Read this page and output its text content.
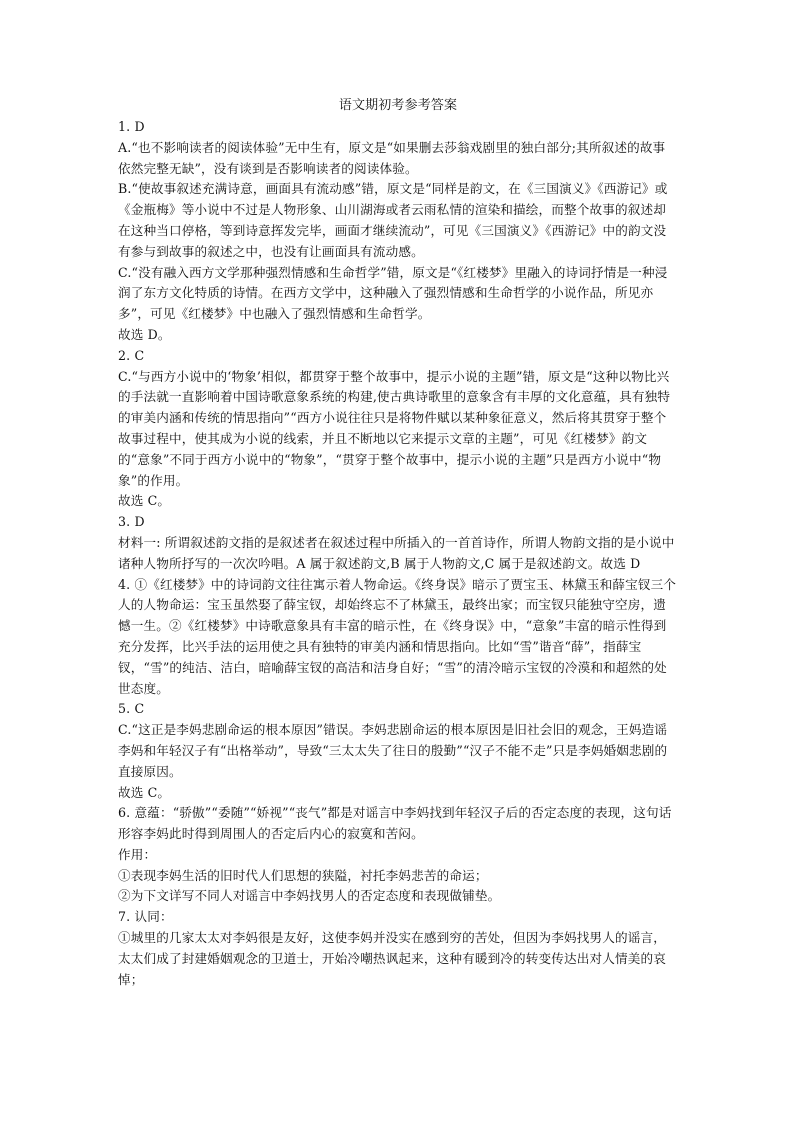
语文期初考参考答案

1. D

A.“也不影响读者的阅读体验”无中生有，原文是“如果删去莎翁戏剧里的独白部分;其所叙述的故事依然完整无缺”，没有谈到是否影响读者的阅读体验。

B.“使故事叙述充满诗意，画面具有流动感”错，原文是“同样是韵文，在《三国演义》《西游记》或《金瓶梅》等小说中不过是人物形象、山川湖海或者云雨私情的渲染和描绘，而整个故事的叙述却在这种当口停格，等到诗意挥发完毕，画面才继续流动”，可见《三国演义》《西游记》中的韵文没有参与到故事的叙述之中，也没有让画面具有流动感。

C.“没有融入西方文学那种强烈情感和生命哲学”错，原文是“《红楼梦》里融入的诗词抒情是一种浸润了东方文化特质的诗情。在西方文学中，这种融入了强烈情感和生命哲学的小说作品，所见亦多”，可见《红楼梦》中也融入了强烈情感和生命哲学。

故选 D。

2. C

C.“与西方小说中的‘物象’相似，都贯穿于整个故事中，提示小说的主题”错，原文是“这种以物比兴的手法就一直影响着中国诗歌意象系统的构建,使古典诗歌里的意象含有丰厚的文化意蕴，具有独特的审美内涵和传统的情思指向”“西方小说往往只是将物件赋以某种象征意义，然后将其贯穿于整个故事过程中，使其成为小说的线索，并且不断地以它来提示文章的主题”，可见《红楼梦》韵文的“意象”不同于西方小说中的“物象”，“贯穿于整个故事中，提示小说的主题”只是西方小说中“物象”的作用。

故选 C。

3. D

材料一: 所谓叙述韵文指的是叙述者在叙述过程中所插入的一首首诗作，所谓人物韵文指的是小说中诸种人物所抒写的一次次吟唱。A 属于叙述韵文,B 属于人物韵文,C 属于是叙述韵文。故选 D

4. ①《红楼梦》中的诗词韵文往往寓示着人物命运。《终身误》暗示了贾宝玉、林黛玉和薛宝钗三个人的人物命运：宝玉虽然娶了薛宝钗，却始终忘不了林黛玉，最终出家；而宝钗只能独守空房，遗憾一生。②《红楼梦》中诗歌意象具有丰富的暗示性，在《终身误》中，“意象”丰富的暗示性得到充分发挥，比兴手法的运用使之具有独特的审美内涵和情思指向。比如“雪”谐音“薛”，指薛宝钗，“雪”的纯洁、洁白，暗喻薛宝钗的高洁和洁身自好；“雪”的清冷暗示宝钗的冷漠和和超然的处世态度。

5. C

C.“这正是李妈悲剧命运的根本原因”错误。李妈悲剧命运的根本原因是旧社会旧的观念，王妈造谣李妈和年轻汉子有“出格举动”，导致“三太太失了往日的殷勤”“汉子不能不走”只是李妈婚姻悲剧的直接原因。

故选 C。

6. 意蕴：“骄傲”“委随”“娇视”“丧气”都是对谣言中李妈找到年轻汉子后的否定态度的表现，这句话形容李妈此时得到周围人的否定后内心的寂寞和苦闷。

作用：

①表现李妈生活的旧时代人们思想的狭隘，衬托李妈悲苦的命运；

②为下文详写不同人对谣言中李妈找男人的否定态度和表现做铺垫。

7. 认同：

①城里的几家太太对李妈很是友好，这使李妈并没实在感到穷的苦处，但因为李妈找男人的谣言，太太们成了封建婚姻观念的卫道士，开始冷嘲热讽起来，这种有暖到冷的转变传达出对人情美的哀悼；
